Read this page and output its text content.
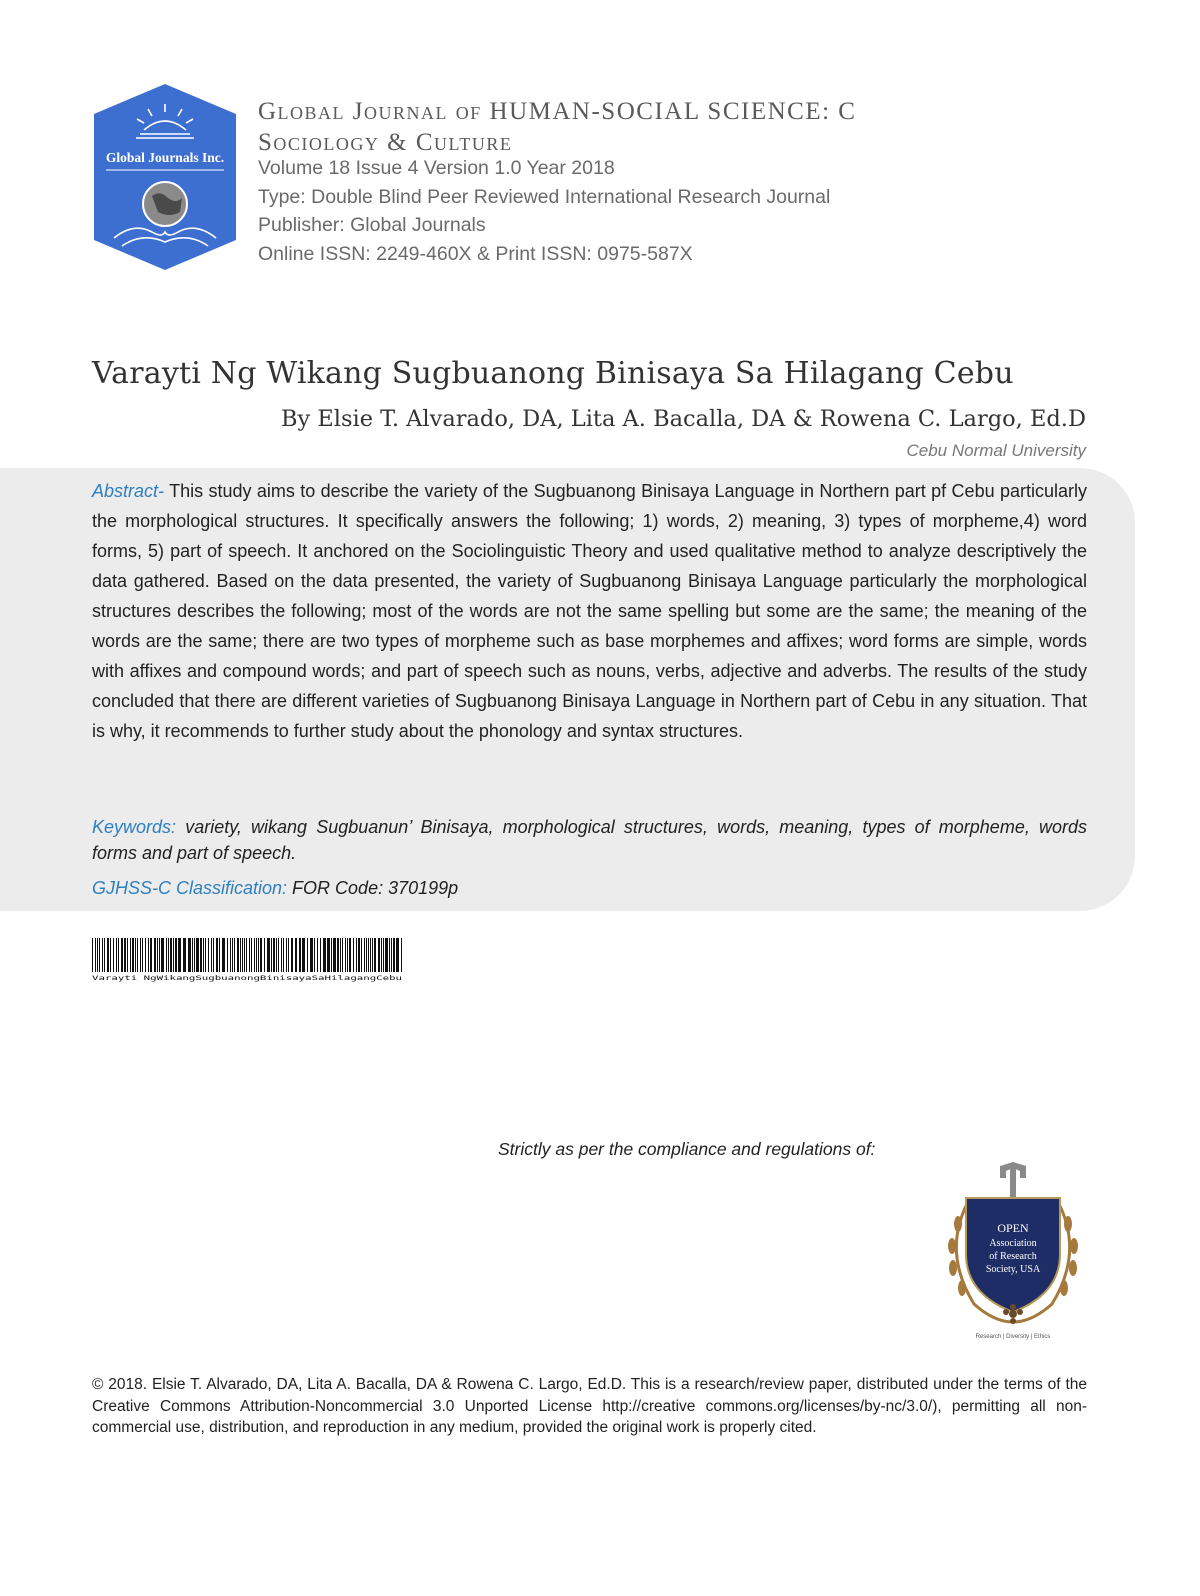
Global Journals Inc.
Global Journal of HUMAN-SOCIAL SCIENCE: C
Sociology & Culture
Volume 18 Issue 4 Version 1.0 Year 2018
Type: Double Blind Peer Reviewed International Research Journal
Publisher: Global Journals
Online ISSN: 2249-460X & Print ISSN: 0975-587X
Varayti Ng Wikang Sugbuanong Binisaya Sa Hilagang Cebu
By Elsie T. Alvarado, DA, Lita A. Bacalla, DA & Rowena C. Largo, Ed.D
Cebu Normal University
Abstract- This study aims to describe the variety of the Sugbuanong Binisaya Language in Northern part pf Cebu particularly the morphological structures. It specifically answers the following; 1) words, 2) meaning, 3) types of morpheme,4) word forms, 5) part of speech. It anchored on the Sociolinguistic Theory and used qualitative method to analyze descriptively the data gathered. Based on the data presented, the variety of Sugbuanong Binisaya Language particularly the morphological structures describes the following; most of the words are not the same spelling but some are the same; the meaning of the words are the same; there are two types of morpheme such as base morphemes and affixes; word forms are simple, words with affixes and compound words; and part of speech such as nouns, verbs, adjective and adverbs. The results of the study concluded that there are different varieties of Sugbuanong Binisaya Language in Northern part of Cebu in any situation. That is why, it recommends to further study about the phonology and syntax structures.
Keywords: variety, wikang Sugbuanun’ Binisaya, morphological structures, words, meaning, types of morpheme, words forms and part of speech.
GJHSS-C Classification: FOR Code: 370199p
Varayti NgWikangSugbuanongBinisayaSaHilagangCebu
Strictly as per the compliance and regulations of:
OPEN
Association
of Research
Society, USA
Research | Diversity | Ethics
© 2018. Elsie T. Alvarado, DA, Lita A. Bacalla, DA & Rowena C. Largo, Ed.D. This is a research/review paper, distributed under the terms of the Creative Commons Attribution-Noncommercial 3.0 Unported License http://creative commons.org/licenses/by-nc/3.0/), permitting all non-commercial use, distribution, and reproduction in any medium, provided the original work is properly cited.
